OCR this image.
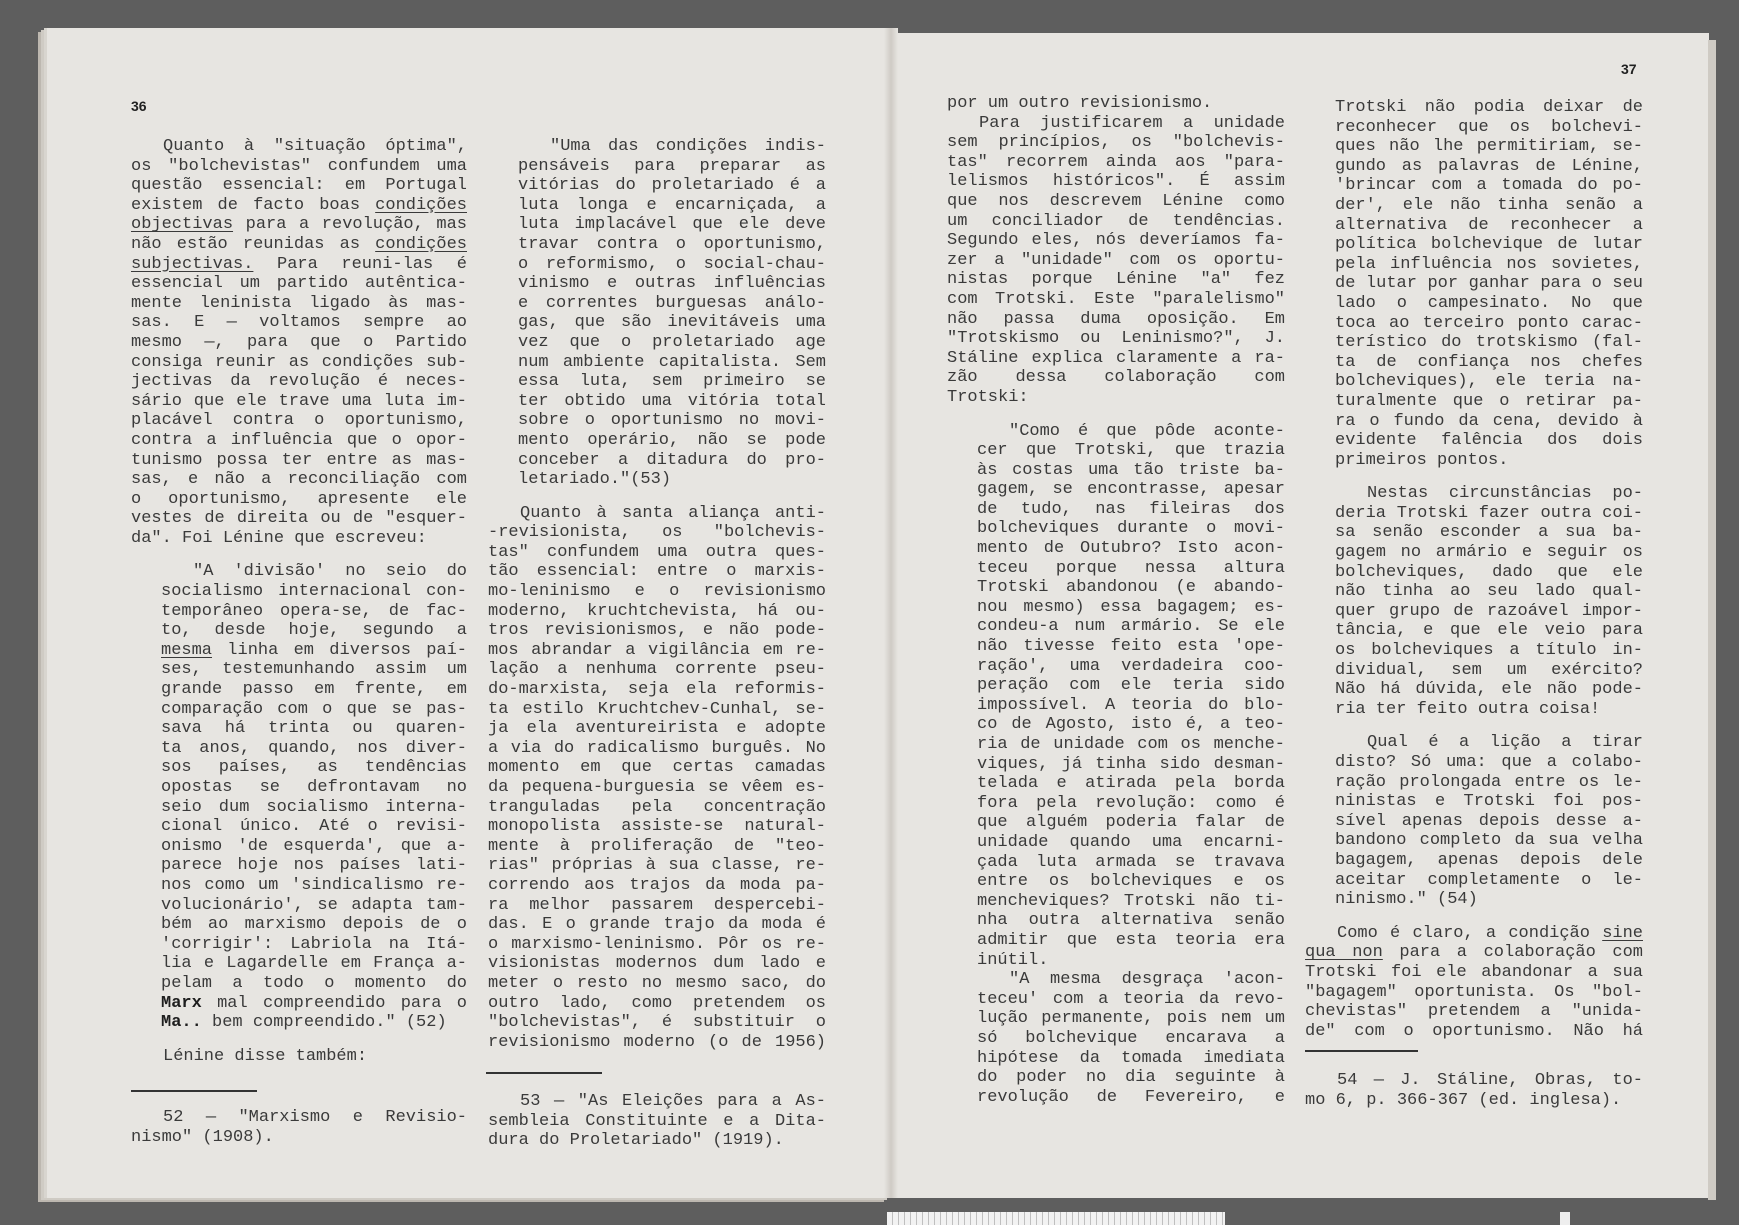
36
37
Quanto à "situação óptima",
os "bolchevistas" confundem uma
questão essencial: em Portugal
existem de facto boas condições
objectivas para a revolução, mas
não estão reunidas as condições
subjectivas. Para reuni-las é
essencial um partido autêntica-
mente leninista ligado às mas-
sas. E — voltamos sempre ao
mesmo —, para que o Partido
consiga reunir as condições sub-
jectivas da revolução é neces-
sário que ele trave uma luta im-
placável contra o oportunismo,
contra a influência que o opor-
tunismo possa ter entre as mas-
sas, e não a reconciliação com
o oportunismo, apresente ele
vestes de direita ou de "esquer-
da". Foi Lénine que escreveu:
"A 'divisão' no seio do
socialismo internacional con-
temporâneo opera-se, de fac-
to, desde hoje, segundo a
mesma linha em diversos paí-
ses, testemunhando assim um
grande passo em frente, em
comparação com o que se pas-
sava há trinta ou quaren-
ta anos, quando, nos diver-
sos países, as tendências
opostas se defrontavam no
seio dum socialismo interna-
cional único. Até o revisi-
onismo 'de esquerda', que a-
parece hoje nos países lati-
nos como um 'sindicalismo re-
volucionário', se adapta tam-
bém ao marxismo depois de o
'corrigir': Labriola na Itá-
lia e Lagardelle em França a-
pelam a todo o momento do
Marx mal compreendido para o
Ma.. bem compreendido." (52)
Lénine disse também:
"Uma das condições indis-
pensáveis para preparar as
vitórias do proletariado é a
luta longa e encarniçada, a
luta implacável que ele deve
travar contra o oportunismo,
o reformismo, o social-chau-
vinismo e outras influências
e correntes burguesas análo-
gas, que são inevitáveis uma
vez que o proletariado age
num ambiente capitalista. Sem
essa luta, sem primeiro se
ter obtido uma vitória total
sobre o oportunismo no movi-
mento operário, não se pode
conceber a ditadura do pro-
letariado."(53)
Quanto à santa aliança anti-
-revisionista, os "bolchevis-
tas" confundem uma outra ques-
tão essencial: entre o marxis-
mo-leninismo e o revisionismo
moderno, kruchtchevista, há ou-
tros revisionismos, e não pode-
mos abrandar a vigilância em re-
lação a nenhuma corrente pseu-
do-marxista, seja ela reformis-
ta estilo Kruchtchev-Cunhal, se-
ja ela aventureirista e adopte
a via do radicalismo burguês. No
momento em que certas camadas
da pequena-burguesia se vêem es-
tranguladas pela concentração
monopolista assiste-se natural-
mente à proliferação de "teo-
rias" próprias à sua classe, re-
correndo aos trajos da moda pa-
ra melhor passarem despercebi-
das. E o grande trajo da moda é
o marxismo-leninismo. Pôr os re-
visionistas modernos dum lado e
meter o resto no mesmo saco, do
outro lado, como pretendem os
"bolchevistas", é substituir o
revisionismo moderno (o de 1956)
por um outro revisionismo.
Para justificarem a unidade
sem princípios, os "bolchevis-
tas" recorrem ainda aos "para-
lelismos históricos". É assim
que nos descrevem Lénine como
um conciliador de tendências.
Segundo eles, nós deveríamos fa-
zer a "unidade" com os oportu-
nistas porque Lénine "a" fez
com Trotski. Este "paralelismo"
não passa duma oposição. Em
"Trotskismo ou Leninismo?", J.
Stáline explica claramente a ra-
zão dessa colaboração com
Trotski:
"Como é que pôde aconte-
cer que Trotski, que trazia
às costas uma tão triste ba-
gagem, se encontrasse, apesar
de tudo, nas fileiras dos
bolcheviques durante o movi-
mento de Outubro? Isto acon-
teceu porque nessa altura
Trotski abandonou (e abando-
nou mesmo) essa bagagem; es-
condeu-a num armário. Se ele
não tivesse feito esta 'ope-
ração', uma verdadeira coo-
peração com ele teria sido
impossível. A teoria do blo-
co de Agosto, isto é, a teo-
ria de unidade com os menche-
viques, já tinha sido desman-
telada e atirada pela borda
fora pela revolução: como é
que alguém poderia falar de
unidade quando uma encarni-
çada luta armada se travava
entre os bolcheviques e os
mencheviques? Trotski não ti-
nha outra alternativa senão
admitir que esta teoria era
inútil.
"A mesma desgraça 'acon-
teceu' com a teoria da revo-
lução permanente, pois nem um
só bolchevique encarava a
hipótese da tomada imediata
do poder no dia seguinte à
revolução de Fevereiro, e
Trotski não podia deixar de
reconhecer que os bolchevi-
ques não lhe permitiriam, se-
gundo as palavras de Lénine,
'brincar com a tomada do po-
der', ele não tinha senão a
alternativa de reconhecer a
política bolchevique de lutar
pela influência nos sovietes,
de lutar por ganhar para o seu
lado o campesinato. No que
toca ao terceiro ponto carac-
terístico do trotskismo (fal-
ta de confiança nos chefes
bolcheviques), ele teria na-
turalmente que o retirar pa-
ra o fundo da cena, devido à
evidente falência dos dois
primeiros pontos.
Nestas circunstâncias po-
deria Trotski fazer outra coi-
sa senão esconder a sua ba-
gagem no armário e seguir os
bolcheviques, dado que ele
não tinha ao seu lado qual-
quer grupo de razoável impor-
tância, e que ele veio para
os bolcheviques a título in-
dividual, sem um exército?
Não há dúvida, ele não pode-
ria ter feito outra coisa!
Qual é a lição a tirar
disto? Só uma: que a colabo-
ração prolongada entre os le-
ninistas e Trotski foi pos-
sível apenas depois desse a-
bandono completo da sua velha
bagagem, apenas depois dele
aceitar completamente o le-
ninismo." (54)
Como é claro, a condição sine
qua non para a colaboração com
Trotski foi ele abandonar a sua
"bagagem" oportunista. Os "bol-
chevistas" pretendem a "unida-
de" com o oportunismo. Não há
52 — "Marxismo e Revisio-
nismo" (1908).
53 — "As Eleições para a As-
sembleia Constituinte e a Dita-
dura do Proletariado" (1919).
54 — J. Stáline, Obras, to-
mo 6, p. 366-367 (ed. inglesa).
